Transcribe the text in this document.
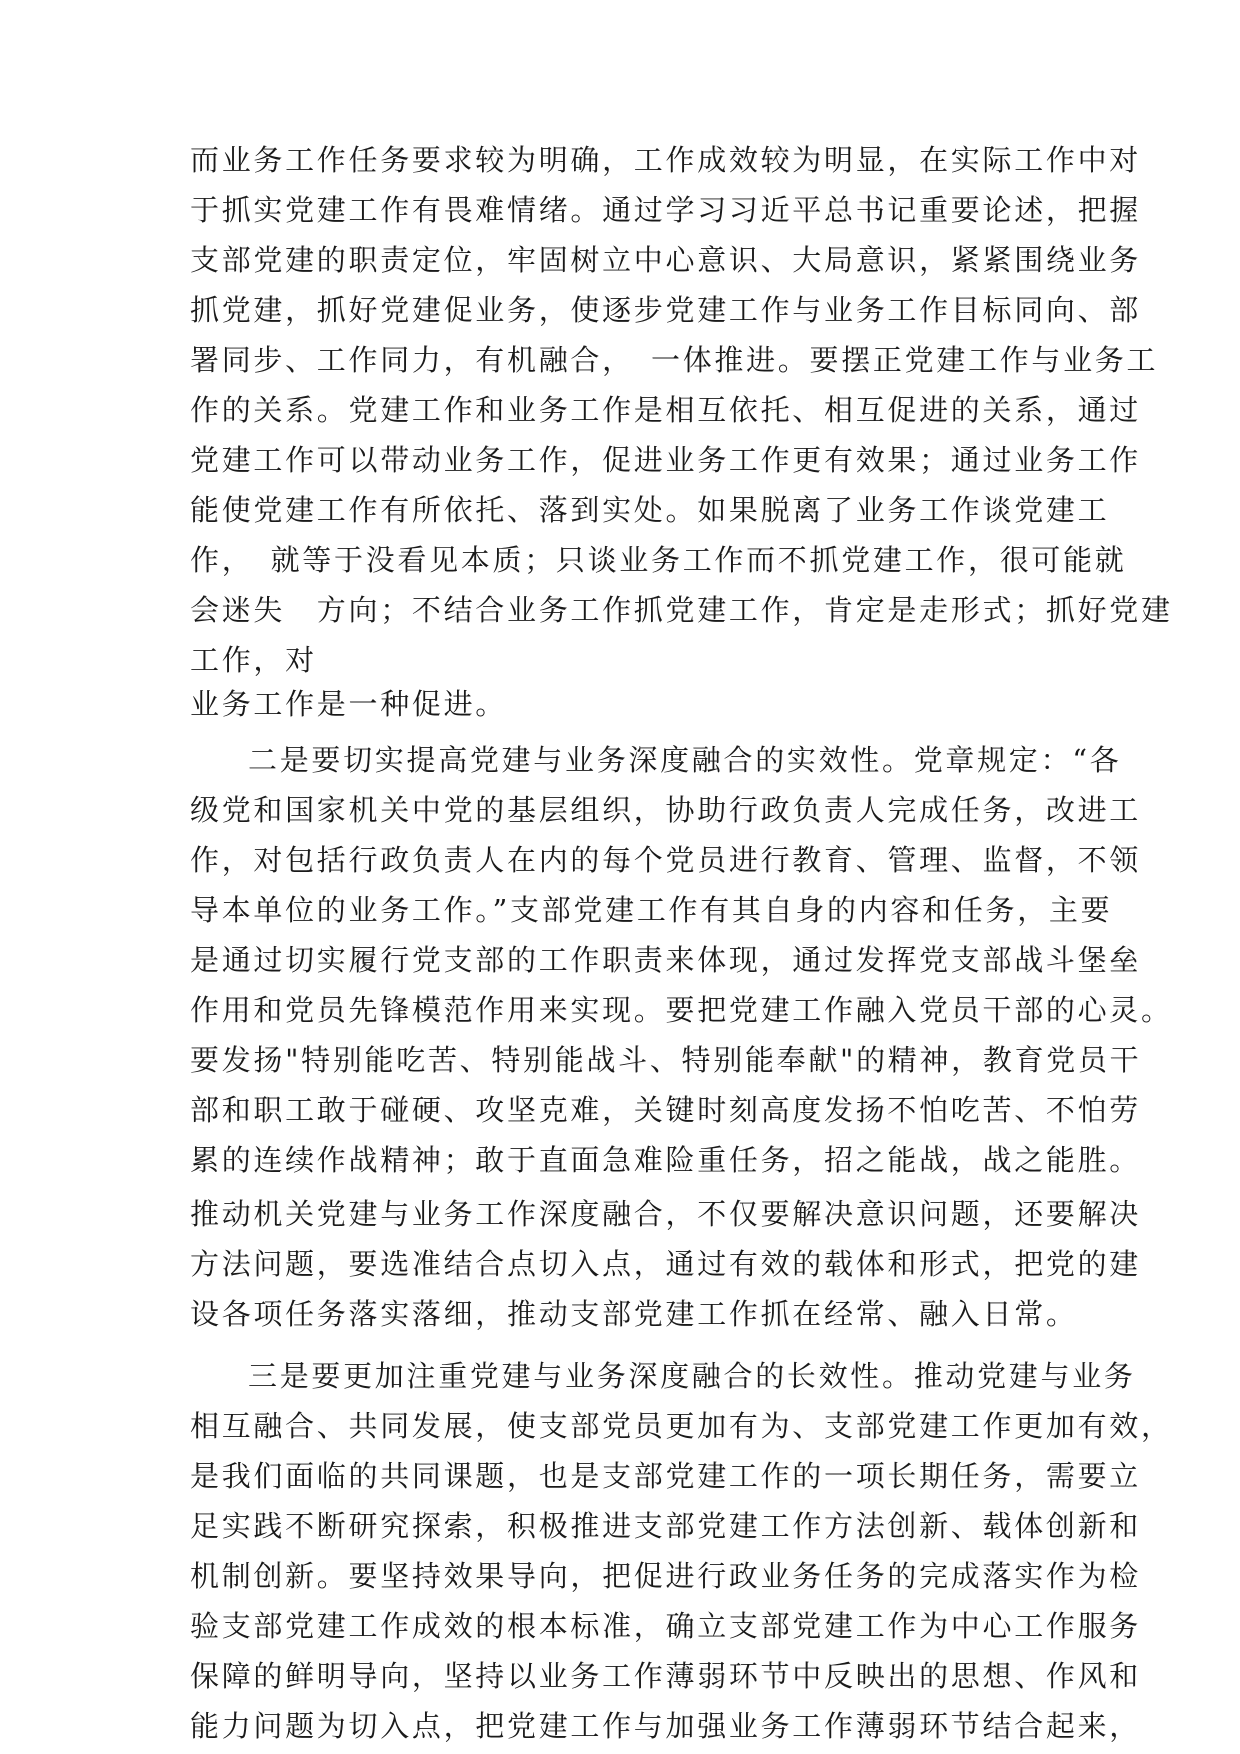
而业务工作任务要求较为明确，工作成效较为明显，在实际工作中对

于抓实党建工作有畏难情绪。通过学习习近平总书记重要论述，把握

支部党建的职责定位，牢固树立中心意识、大局意识，紧紧围绕业务

抓党建，抓好党建促业务，使逐步党建工作与业务工作目标同向、部

署同步、工作同力，有机融合，　一体推进。要摆正党建工作与业务工

作的关系。党建工作和业务工作是相互依托、相互促进的关系，通过

党建工作可以带动业务工作，促进业务工作更有效果；通过业务工作

能使党建工作有所依托、落到实处。如果脱离了业务工作谈党建工

作，　就等于没看见本质；只谈业务工作而不抓党建工作，很可能就

会迷失　方向；不结合业务工作抓党建工作，肯定是走形式；抓好党建

工作，对

业务工作是一种促进。

二是要切实提高党建与业务深度融合的实效性。党章规定：“各

级党和国家机关中党的基层组织，协助行政负责人完成任务，改进工

作，对包括行政负责人在内的每个党员进行教育、管理、监督，不领

导本单位的业务工作。”支部党建工作有其自身的内容和任务，主要

是通过切实履行党支部的工作职责来体现，通过发挥党支部战斗堡垒

作用和党员先锋模范作用来实现。要把党建工作融入党员干部的心灵。

要发扬"特别能吃苦、特别能战斗、特别能奉献"的精神，教育党员干

部和职工敢于碰硬、攻坚克难，关键时刻高度发扬不怕吃苦、不怕劳

累的连续作战精神；敢于直面急难险重任务，招之能战，战之能胜。

推动机关党建与业务工作深度融合，不仅要解决意识问题，还要解决

方法问题，要选准结合点切入点，通过有效的载体和形式，把党的建

设各项任务落实落细，推动支部党建工作抓在经常、融入日常。

三是要更加注重党建与业务深度融合的长效性。推动党建与业务

相互融合、共同发展，使支部党员更加有为、支部党建工作更加有效，

是我们面临的共同课题，也是支部党建工作的一项长期任务，需要立

足实践不断研究探索，积极推进支部党建工作方法创新、载体创新和

机制创新。要坚持效果导向，把促进行政业务任务的完成落实作为检

验支部党建工作成效的根本标准，确立支部党建工作为中心工作服务

保障的鲜明导向，坚持以业务工作薄弱环节中反映出的思想、作风和

能力问题为切入点，把党建工作与加强业务工作薄弱环节结合起来，
